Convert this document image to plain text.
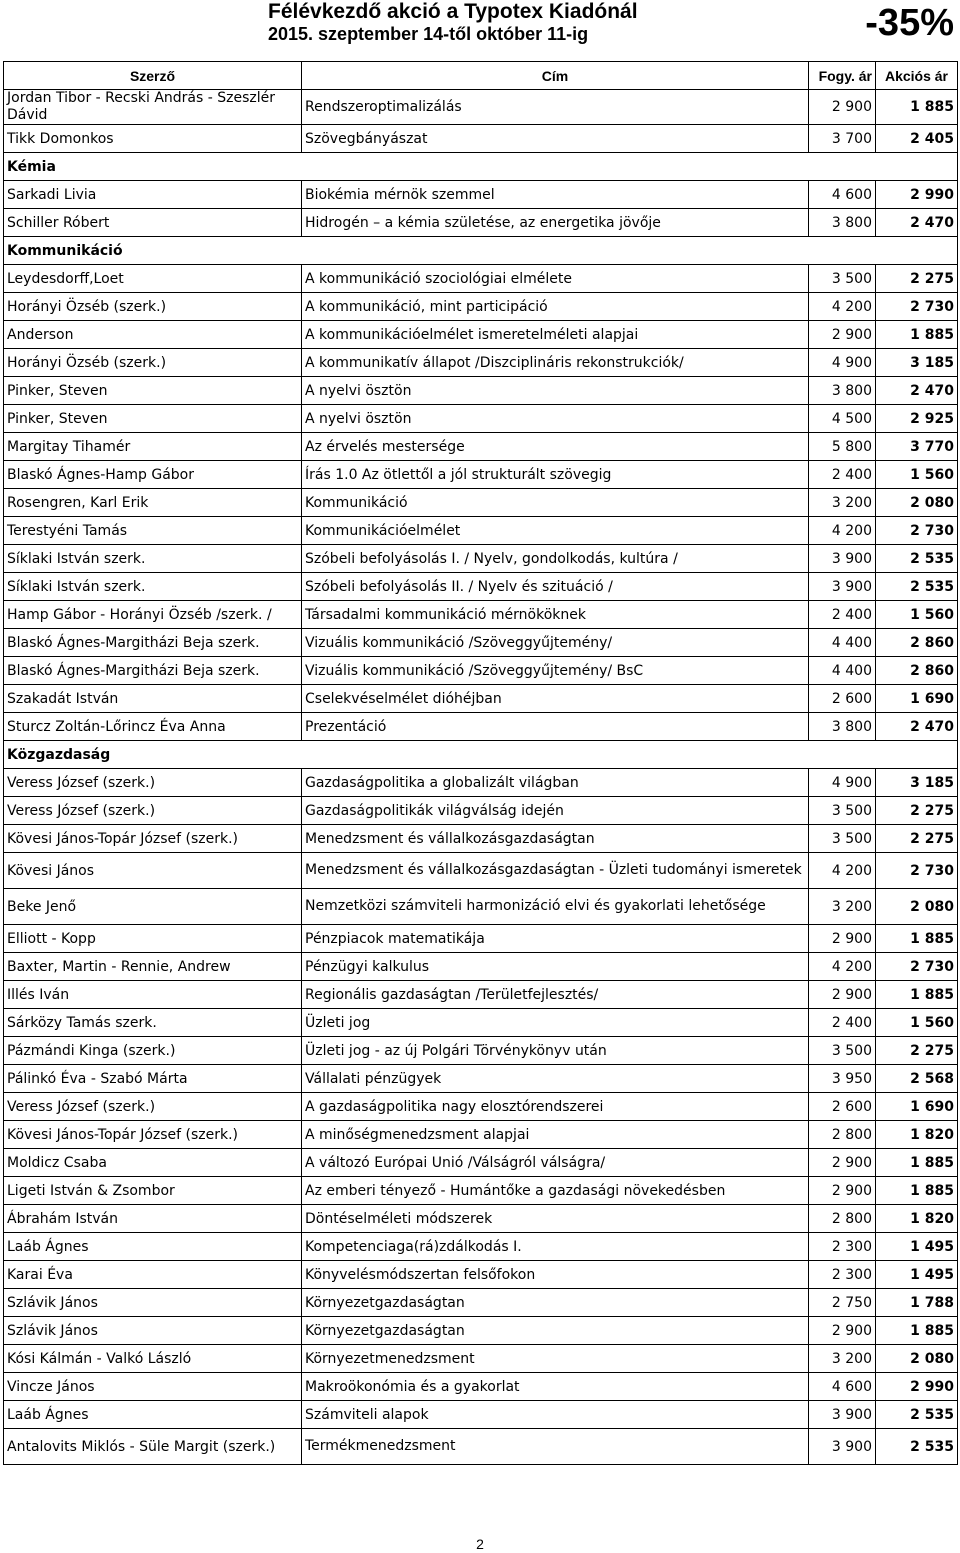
Félévkezdő akció a Typotex Kiadónál
2015. szeptember 14-től október 11-ig	-35%
Szerző	Cím	Fogy. ár	Akciós ár
Jordan Tibor - Recski András - Szeszlér Dávid	Rendszeroptimalizálás	2 900	1 885
Tikk Domonkos	Szövegbányászat	3 700	2 405
Kémia			
Sarkadi Livia	Biokémia mérnök szemmel	4 600	2 990
Schiller Róbert	Hidrogén – a kémia születése, az energetika jövője	3 800	2 470
Kommunikáció			
Leydesdorff,Loet	A kommunikáció szociológiai elmélete	3 500	2 275
Horányi Özséb (szerk.)	A kommunikáció, mint participáció	4 200	2 730
Anderson	A kommunikációelmélet ismeretelméleti alapjai	2 900	1 885
Horányi Özséb (szerk.)	A kommunikatív állapot /Diszciplináris rekonstrukciók/	4 900	3 185
Pinker, Steven	A nyelvi ösztön	3 800	2 470
Pinker, Steven	A nyelvi ösztön	4 500	2 925
Margitay Tihamér	Az érvelés mestersége	5 800	3 770
Blaskó Ágnes-Hamp Gábor	Írás 1.0 Az ötlettől a jól strukturált szövegig	2 400	1 560
Rosengren, Karl Erik	Kommunikáció	3 200	2 080
Terestyéni Tamás	Kommunikációelmélet	4 200	2 730
Síklaki István szerk.	Szóbeli befolyásolás I. / Nyelv, gondolkodás, kultúra /	3 900	2 535
Síklaki István szerk.	Szóbeli befolyásolás II. / Nyelv és szituáció /	3 900	2 535
Hamp Gábor - Horányi Özséb /szerk. /	Társadalmi kommunikáció mérnököknek	2 400	1 560
Blaskó Ágnes-Margitházi Beja szerk.	Vizuális kommunikáció /Szöveggyűjtemény/	4 400	2 860
Blaskó Ágnes-Margitházi Beja szerk.	Vizuális kommunikáció /Szöveggyűjtemény/ BsC	4 400	2 860
Szakadát István	Cselekvéselmélet dióhéjban	2 600	1 690
Sturcz Zoltán-Lőrincz Éva Anna	Prezentáció	3 800	2 470
Közgazdaság			
Veress József (szerk.)	Gazdaságpolitika a globalizált világban	4 900	3 185
Veress József (szerk.)	Gazdaságpolitikák világválság idején	3 500	2 275
Kövesi János-Topár József (szerk.)	Menedzsment és vállalkozásgazdaságtan	3 500	2 275
Kövesi János	Menedzsment és vállalkozásgazdaságtan - Üzleti tudományi ismeretek	4 200	2 730
Beke Jenő	Nemzetközi számviteli harmonizáció elvi és gyakorlati lehetősége	3 200	2 080
Elliott - Kopp	Pénzpiacok matematikája	2 900	1 885
Baxter, Martin - Rennie, Andrew	Pénzügyi kalkulus	4 200	2 730
Illés Iván	Regionális gazdaságtan /Területfejlesztés/	2 900	1 885
Sárközy Tamás szerk.	Üzleti jog	2 400	1 560
Pázmándi Kinga (szerk.)	Üzleti jog - az új Polgári Törvénykönyv után	3 500	2 275
Pálinkó Éva - Szabó Márta	Vállalati pénzügyek	3 950	2 568
Veress József (szerk.)	A gazdaságpolitika nagy elosztórendszerei	2 600	1 690
Kövesi János-Topár József (szerk.)	A minőségmenedzsment alapjai	2 800	1 820
Moldicz Csaba	A változó Európai Unió /Válságról válságra/	2 900	1 885
Ligeti István & Zsombor	Az emberi tényező - Humántőke a gazdasági növekedésben	2 900	1 885
Ábrahám István	Döntéselméleti módszerek	2 800	1 820
Laáb Ágnes	Kompetenciaga(rá)zdálkodás I.	2 300	1 495
Karai Éva	Könyvelésmódszertan felsőfokon	2 300	1 495
Szlávik János	Környezetgazdaságtan	2 750	1 788
Szlávik János	Környezetgazdaságtan	2 900	1 885
Kósi Kálmán - Valkó László	Környezetmenedzsment	3 200	2 080
Vincze János	Makroökonómia és a gyakorlat	4 600	2 990
Laáb Ágnes	Számviteli alapok	3 900	2 535
Antalovits Miklós - Süle Margit (szerk.)	Termékmenedzsment	3 900	2 535
2
